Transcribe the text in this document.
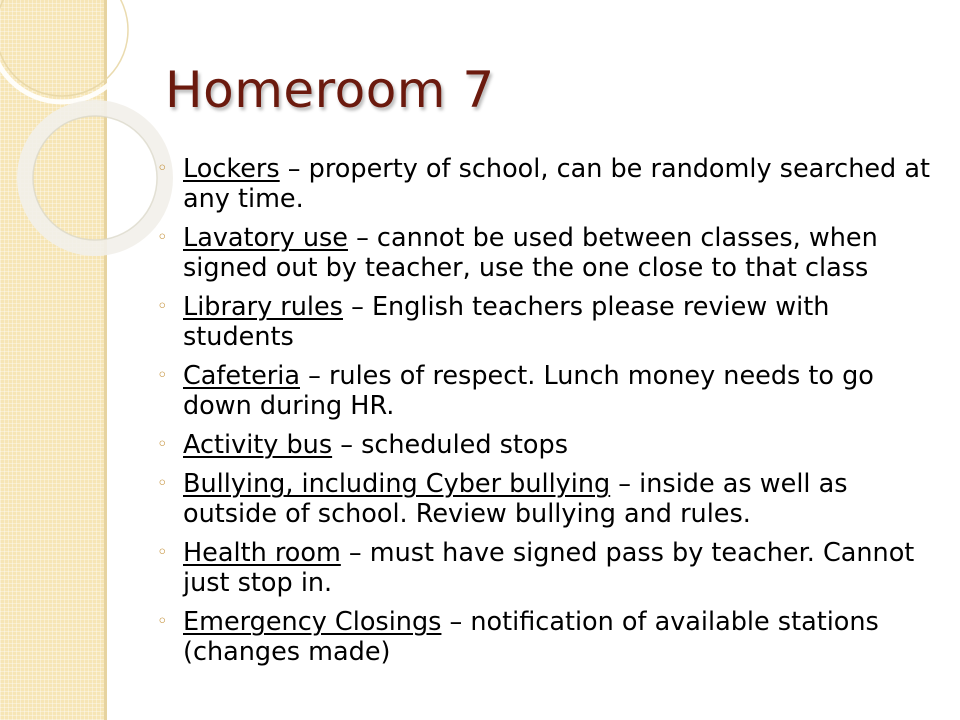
Homeroom 7
◦ Lockers – property of school, can be randomly searched at any time.
◦ Lavatory use – cannot be used between classes, when signed out by teacher, use the one close to that class
◦ Library rules – English teachers please review with students
◦ Cafeteria – rules of respect. Lunch money needs to go down during HR.
◦ Activity bus – scheduled stops
◦ Bullying, including Cyber bullying – inside as well as outside of school. Review bullying and rules.
◦ Health room – must have signed pass by teacher. Cannot just stop in.
◦ Emergency Closings – notification of available stations (changes made)
